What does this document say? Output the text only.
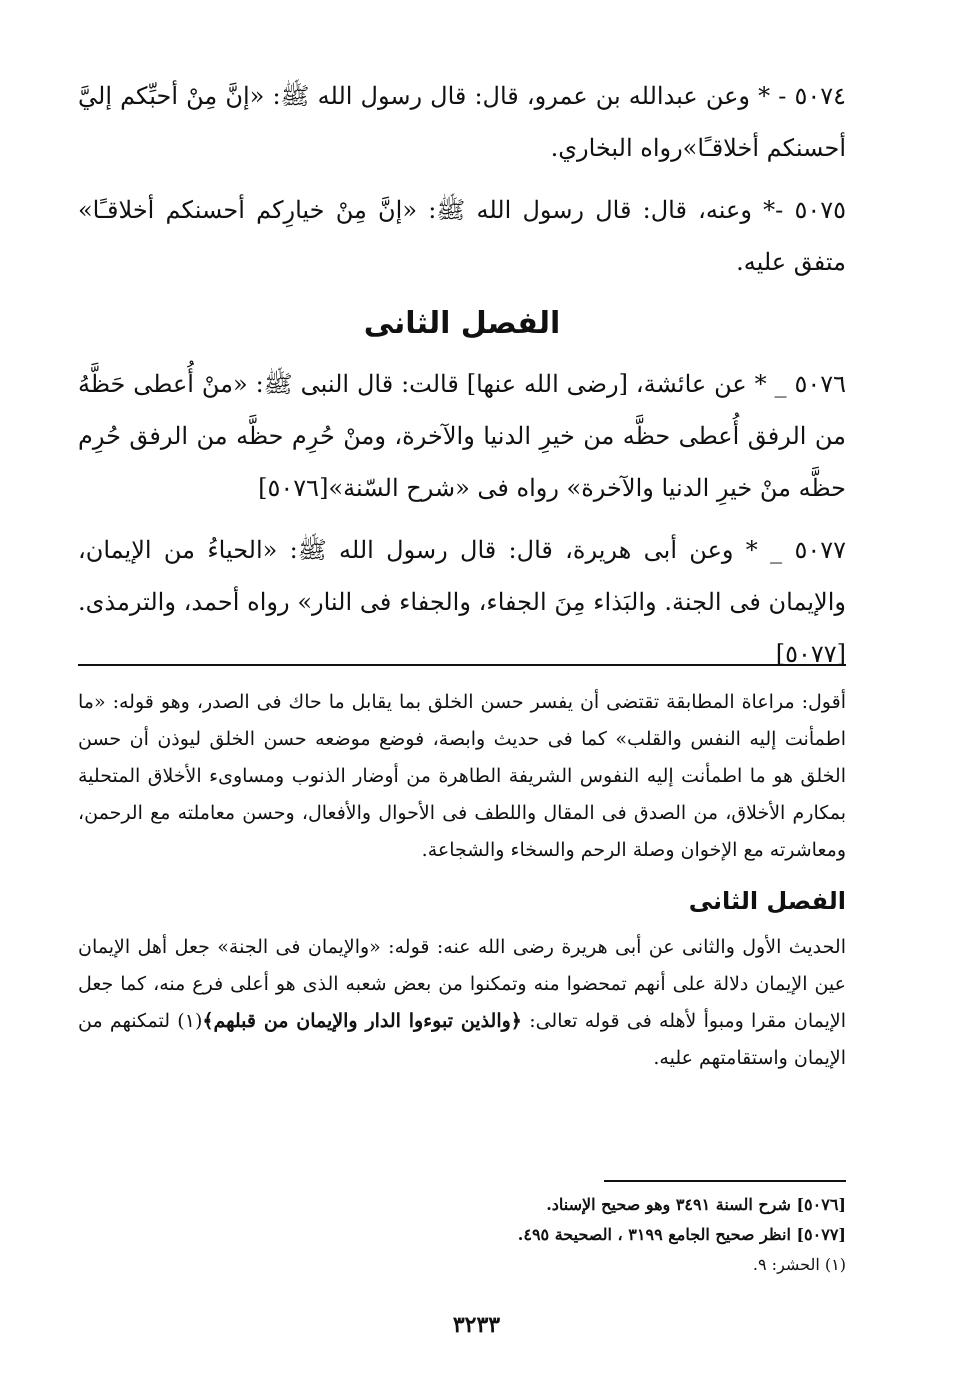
٥٠٧٤ - * وعن عبدالله بن عمرو، قال: قال رسول الله ﷺ: «إنَّ مِنْ أحبِّكم إليَّ أحسنكم أخلاقـًا»رواه البخاري.

٥٠٧٥ -* وعنه، قال: قال رسول الله ﷺ: «إنَّ مِنْ خيارِكم أحسنكم أخلاقـًا» متفق عليه.

الفصل الثانى

٥٠٧٦ _ * عن عائشة، [رضى الله عنها] قالت: قال النبى ﷺ: «منْ أُعطى حَظَّهُ من الرفق أُعطى حظَّه من خيرِ الدنيا والآخرة، ومنْ حُرِم حظَّه من الرفق حُرِم حظَّه منْ خيرِ الدنيا والآخرة» رواه فى «شرح السّنة»[٥٠٧٦]

٥٠٧٧ _ * وعن أبى هريرة، قال: قال رسول الله ﷺ: «الحياءُ من الإيمان، والإيمان فى الجنة. والبَذاء مِنَ الجفاء، والجفاء فى النار» رواه أحمد، والترمذى. [٥٠٧٧]

أقول: مراعاة المطابقة تقتضى أن يفسر حسن الخلق بما يقابل ما حاك فى الصدر، وهو قوله: «ما اطمأنت إليه النفس والقلب» كما فى حديث وابصة، فوضع موضعه حسن الخلق ليوذن أن حسن الخلق هو ما اطمأنت إليه النفوس الشريفة الطاهرة من أوضار الذنوب ومساوىء الأخلاق المتحلية بمكارم الأخلاق، من الصدق فى المقال واللطف فى الأحوال والأفعال، وحسن معاملته مع الرحمن، ومعاشرته مع الإخوان وصلة الرحم والسخاء والشجاعة.

الفصل الثانى

الحديث الأول والثانى عن أبى هريرة رضى الله عنه: قوله: «والإيمان فى الجنة» جعل أهل الإيمان عين الإيمان دلالة على أنهم تمحضوا منه وتمكنوا من بعض شعبه الذى هو أعلى فرع منه، كما جعل الإيمان مقرا ومبوأ لأهله فى قوله تعالى: ﴿والذين تبوءوا الدار والإيمان من قبلهم﴾(١) لتمكنهم من الإيمان واستقامتهم عليه.

[٥٠٧٦] شرح السنة ٣٤٩١ وهو صحيح الإسناد.

[٥٠٧٧] انظر صحيح الجامع ٣١٩٩ ، الصحيحة ٤٩٥.

(١) الحشر: ٩.

٣٢٣٣
